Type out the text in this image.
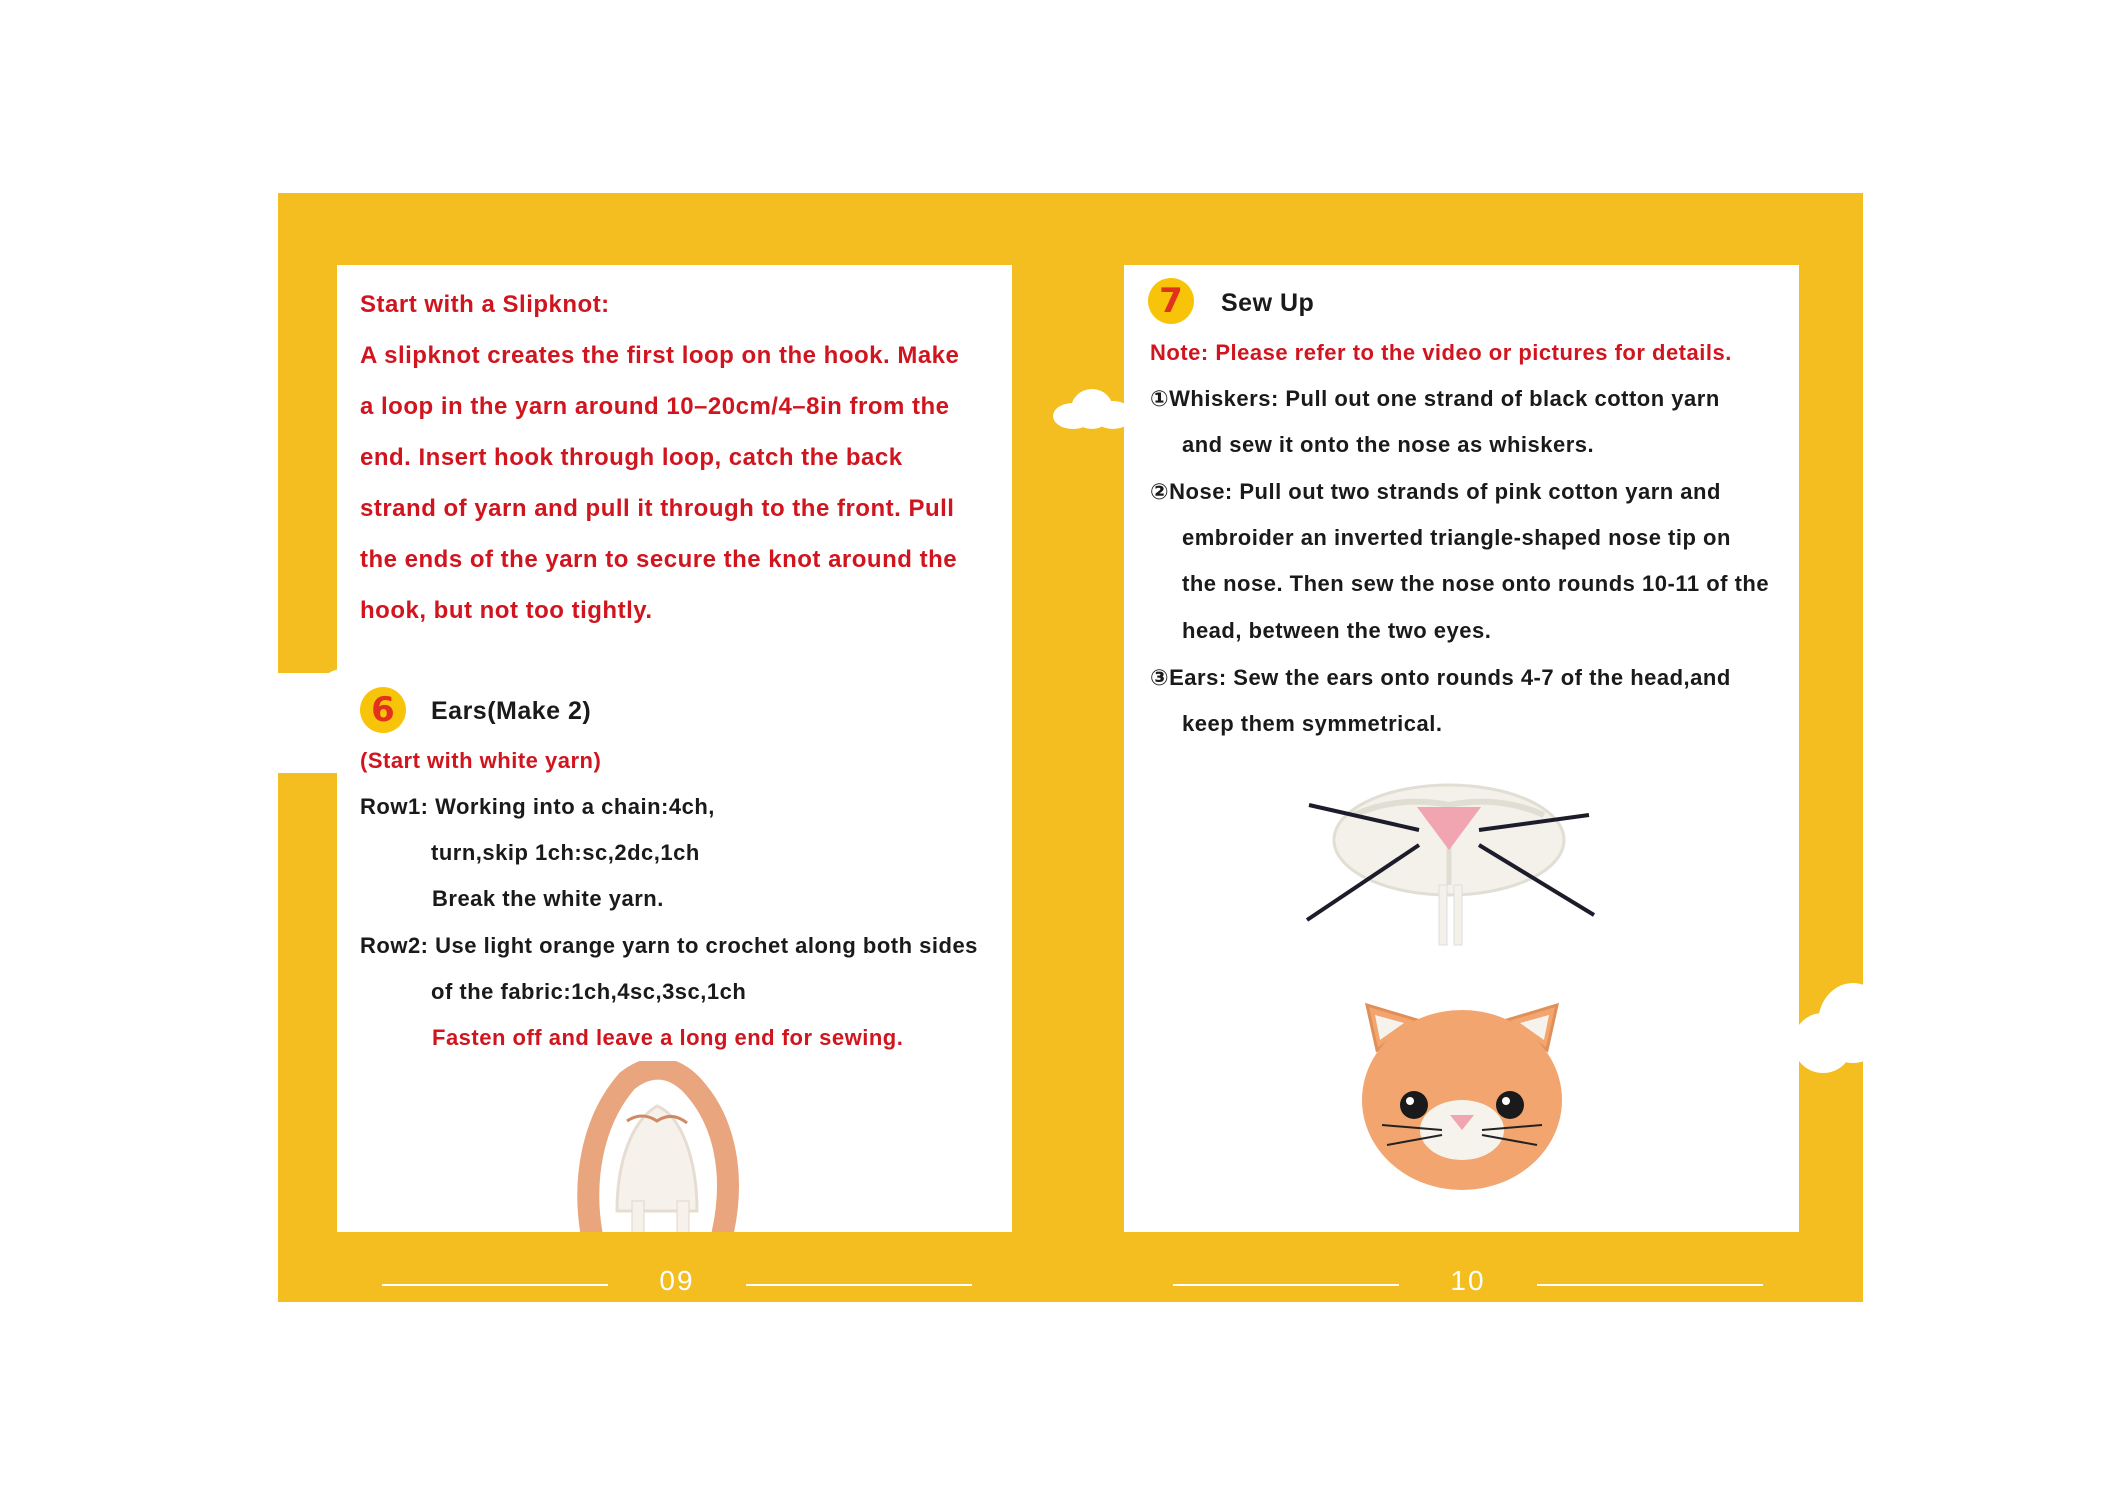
Start with a Slipknot:
A slipknot creates the first loop on the hook. Make
a loop in the yarn around 10–20cm/4–8in from the
end. Insert hook through loop, catch the back
strand of yarn and pull it through to the front. Pull
the ends of the yarn to secure the knot around the
hook, but not too tightly.
6	Ears(Make 2)
(Start with white yarn)
Row1: Working into a chain:4ch,
turn,skip 1ch:sc,2dc,1ch
Break the white yarn.
Row2: Use light orange yarn to crochet along both sides
of the fabric:1ch,4sc,3sc,1ch
Fasten off and leave a long end for sewing.
7	Sew Up
Note: Please refer to the video or pictures for details.
①Whiskers: Pull out one strand of black cotton yarn
and sew it onto the nose as whiskers.
②Nose: Pull out two strands of pink cotton yarn and
embroider an inverted triangle-shaped nose tip on
the nose. Then sew the nose onto rounds 10-11 of the
head, between the two eyes.
③Ears: Sew the ears onto rounds 4-7 of the head,and
keep them symmetrical.
09	10
